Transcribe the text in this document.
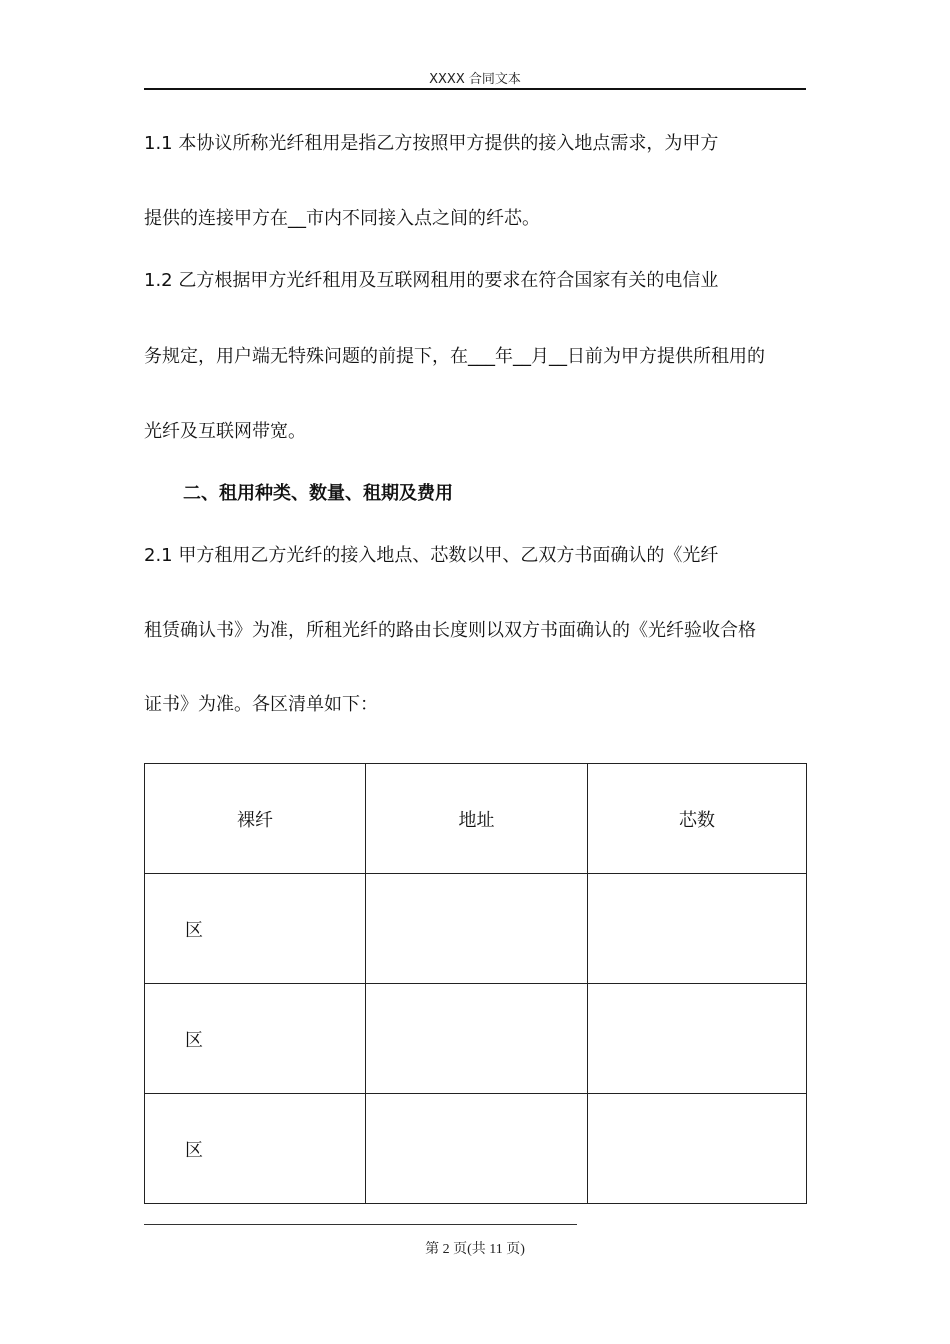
XXXX 合同文本

1.1 本协议所称光纤租用是指乙方按照甲方提供的接入地点需求，为甲方

提供的连接甲方在__市内不同接入点之间的纤芯。

1.2 乙方根据甲方光纤租用及互联网租用的要求在符合国家有关的电信业

务规定，用户端无特殊问题的前提下，在___年__月__日前为甲方提供所租用的

光纤及互联网带宽。

二、租用种类、数量、租期及费用

2.1 甲方租用乙方光纤的接入地点、芯数以甲、乙双方书面确认的《光纤

租赁确认书》为准，所租光纤的路由长度则以双方书面确认的《光纤验收合格

证书》为准。各区清单如下：

裸纤	地址	芯数
区		
区		
区		
第 2 页(共 11 页)
